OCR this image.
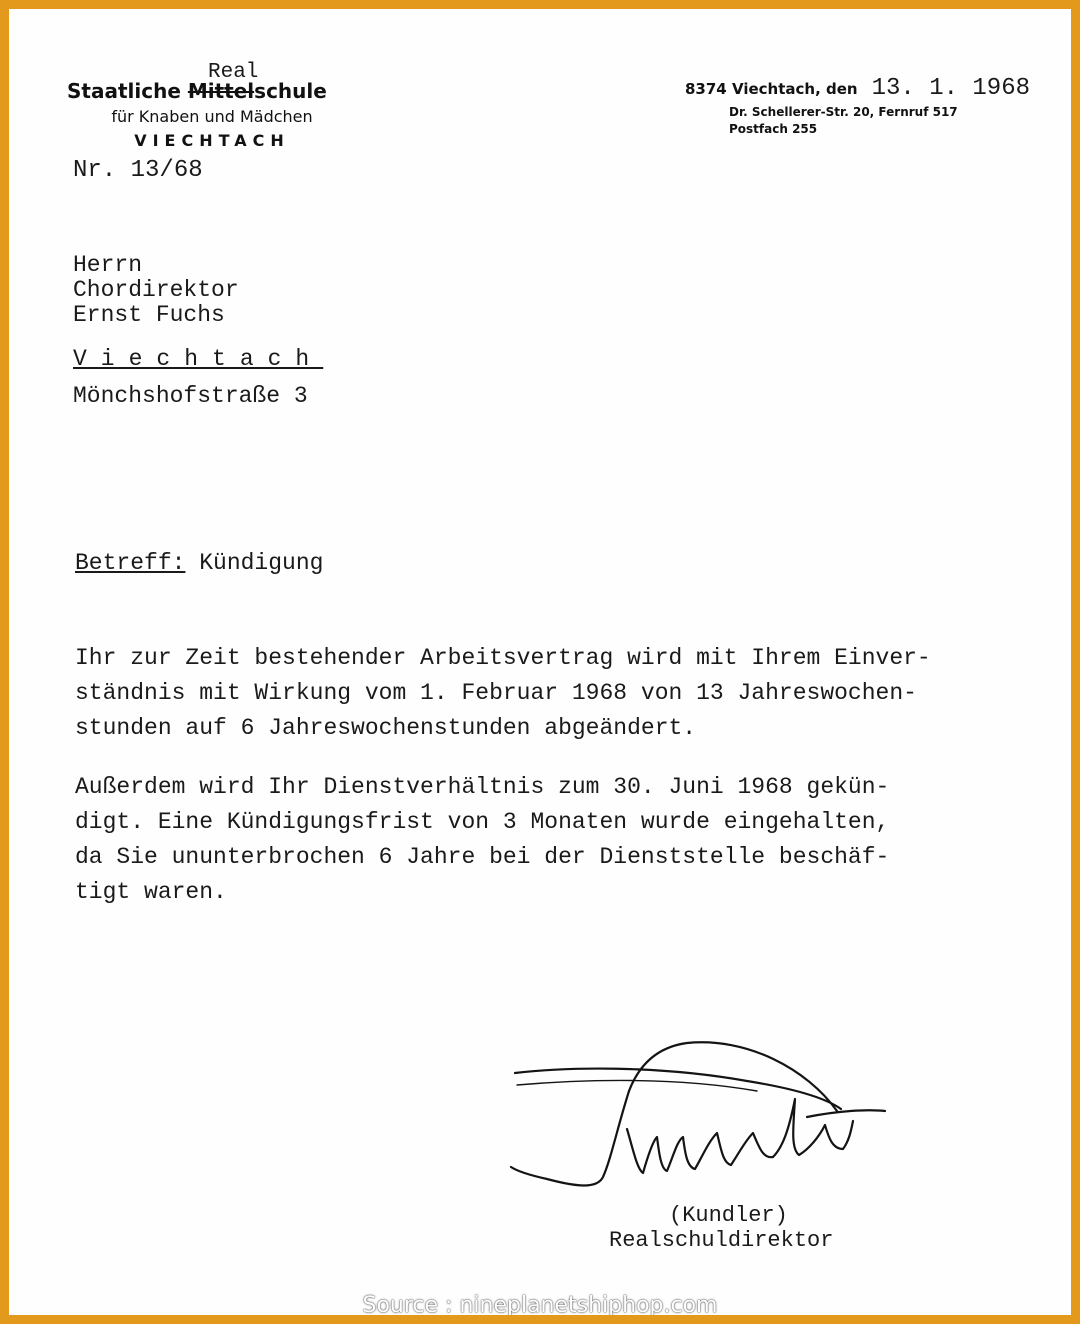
Real
Staatliche Mittelschule
für Knaben und Mädchen
VIECHTACH
8374 Viechtach, den 13. 1. 1968
Dr. Schellerer-Str. 20, Fernruf 517
Postfach 255
Nr. 13/68
Herrn
Chordirektor
Ernst Fuchs
Viechtach
Mönchshofstraße 3
Betreff: Kündigung
Ihr zur Zeit bestehender Arbeitsvertrag wird mit Ihrem Einver-
ständnis mit Wirkung vom 1. Februar 1968 von 13 Jahreswochen-
stunden auf 6 Jahreswochenstunden abgeändert.
Außerdem wird Ihr Dienstverhältnis zum 30. Juni 1968 gekün-
digt. Eine Kündigungsfrist von 3 Monaten wurde eingehalten,
da Sie ununterbrochen 6 Jahre bei der Dienststelle beschäf-
tigt waren.
(Kundler)
Realschuldirektor
Source : nineplanetshiphop.com
